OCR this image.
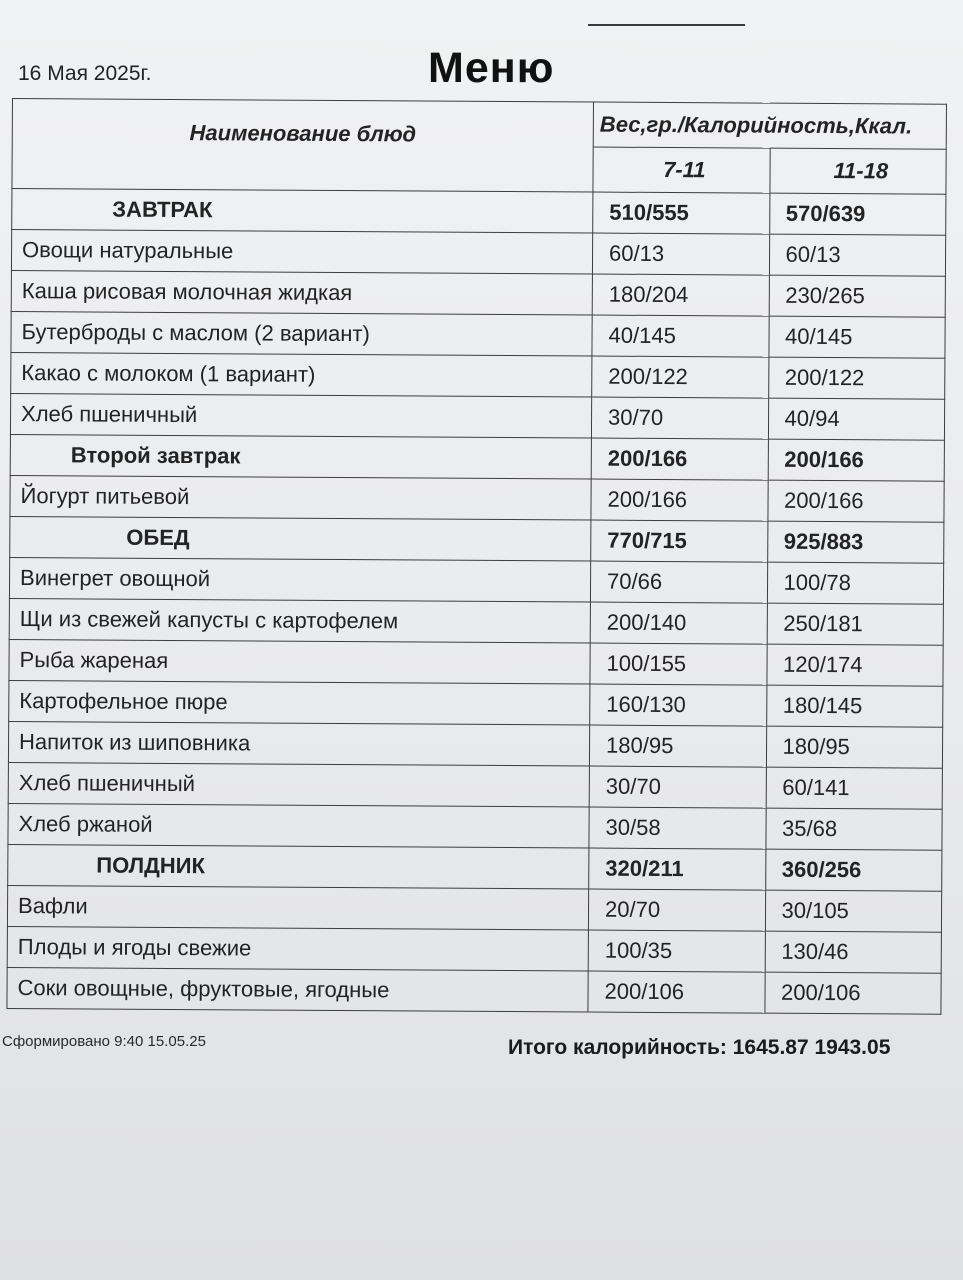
16 Мая 2025г.	Меню
Наименование блюд	Вес,гр./Калорийность,Ккал.	
	7-11	11-18
ЗАВТРАК	510/555	570/639
Овощи натуральные	60/13	60/13
Каша рисовая молочная жидкая	180/204	230/265
Бутерброды с маслом (2 вариант)	40/145	40/145
Какао с молоком (1 вариант)	200/122	200/122
Хлеб пшеничный	30/70	40/94
Второй завтрак	200/166	200/166
Йогурт питьевой	200/166	200/166
ОБЕД	770/715	925/883
Винегрет овощной	70/66	100/78
Щи из свежей капусты с картофелем	200/140	250/181
Рыба жареная	100/155	120/174
Картофельное пюре	160/130	180/145
Напиток из шиповника	180/95	180/95
Хлеб пшеничный	30/70	60/141
Хлеб ржаной	30/58	35/68
ПОЛДНИК	320/211	360/256
Вафли	20/70	30/105
Плоды и ягоды свежие	100/35	130/46
Соки овощные, фруктовые, ягодные	200/106	200/106
Сформировано 9:40 15.05.25	Итого калорийность: 1645.87 1943.05
